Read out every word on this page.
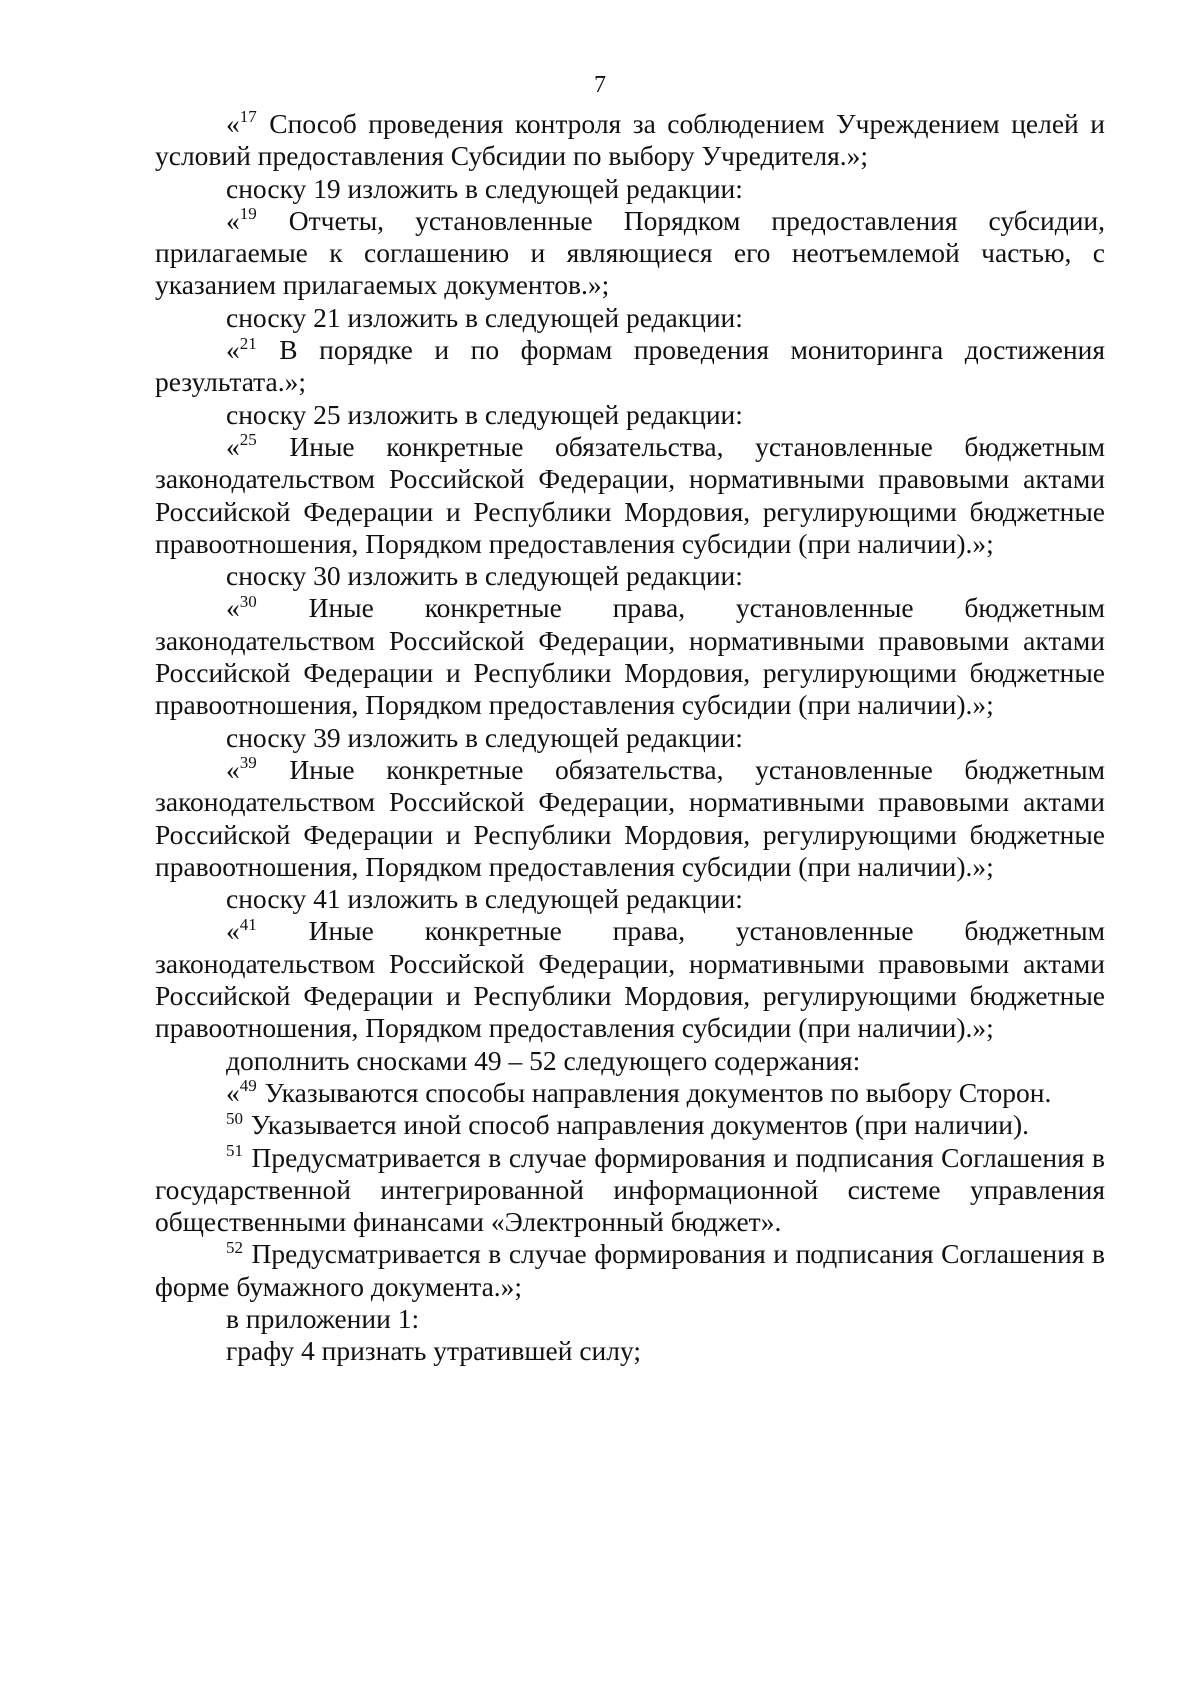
7

«$^{17}$ Способ проведения контроля за соблюдением Учреждением целей и условий предоставления Субсидии по выбору Учредителя.»;

сноску 19 изложить в следующей редакции:

«$^{19}$ Отчеты, установленные Порядком предоставления субсидии, прилагаемые к соглашению и являющиеся его неотъемлемой частью, с указанием прилагаемых документов.»;

сноску 21 изложить в следующей редакции:

«$^{21}$ В порядке и по формам проведения мониторинга достижения результата.»;

сноску 25 изложить в следующей редакции:

«$^{25}$ Иные конкретные обязательства, установленные бюджетным законодательством Российской Федерации, нормативными правовыми актами Российской Федерации и Республики Мордовия, регулирующими бюджетные правоотношения, Порядком предоставления субсидии (при наличии).»;

сноску 30 изложить в следующей редакции:

«$^{30}$ Иные конкретные права, установленные бюджетным законодательством Российской Федерации, нормативными правовыми актами Российской Федерации и Республики Мордовия, регулирующими бюджетные правоотношения, Порядком предоставления субсидии (при наличии).»;

сноску 39 изложить в следующей редакции:

«$^{39}$ Иные конкретные обязательства, установленные бюджетным законодательством Российской Федерации, нормативными правовыми актами Российской Федерации и Республики Мордовия, регулирующими бюджетные правоотношения, Порядком предоставления субсидии (при наличии).»;

сноску 41 изложить в следующей редакции:

«$^{41}$ Иные конкретные права, установленные бюджетным законодательством Российской Федерации, нормативными правовыми актами Российской Федерации и Республики Мордовия, регулирующими бюджетные правоотношения, Порядком предоставления субсидии (при наличии).»;

дополнить сносками 49 – 52 следующего содержания:

«$^{49}$ Указываются способы направления документов по выбору Сторон.

$^{50}$ Указывается иной способ направления документов (при наличии).

$^{51}$ Предусматривается в случае формирования и подписания Соглашения в государственной интегрированной информационной системе управления общественными финансами «Электронный бюджет».

$^{52}$ Предусматривается в случае формирования и подписания Соглашения в форме бумажного документа.»;

в приложении 1:

графу 4 признать утратившей силу;
